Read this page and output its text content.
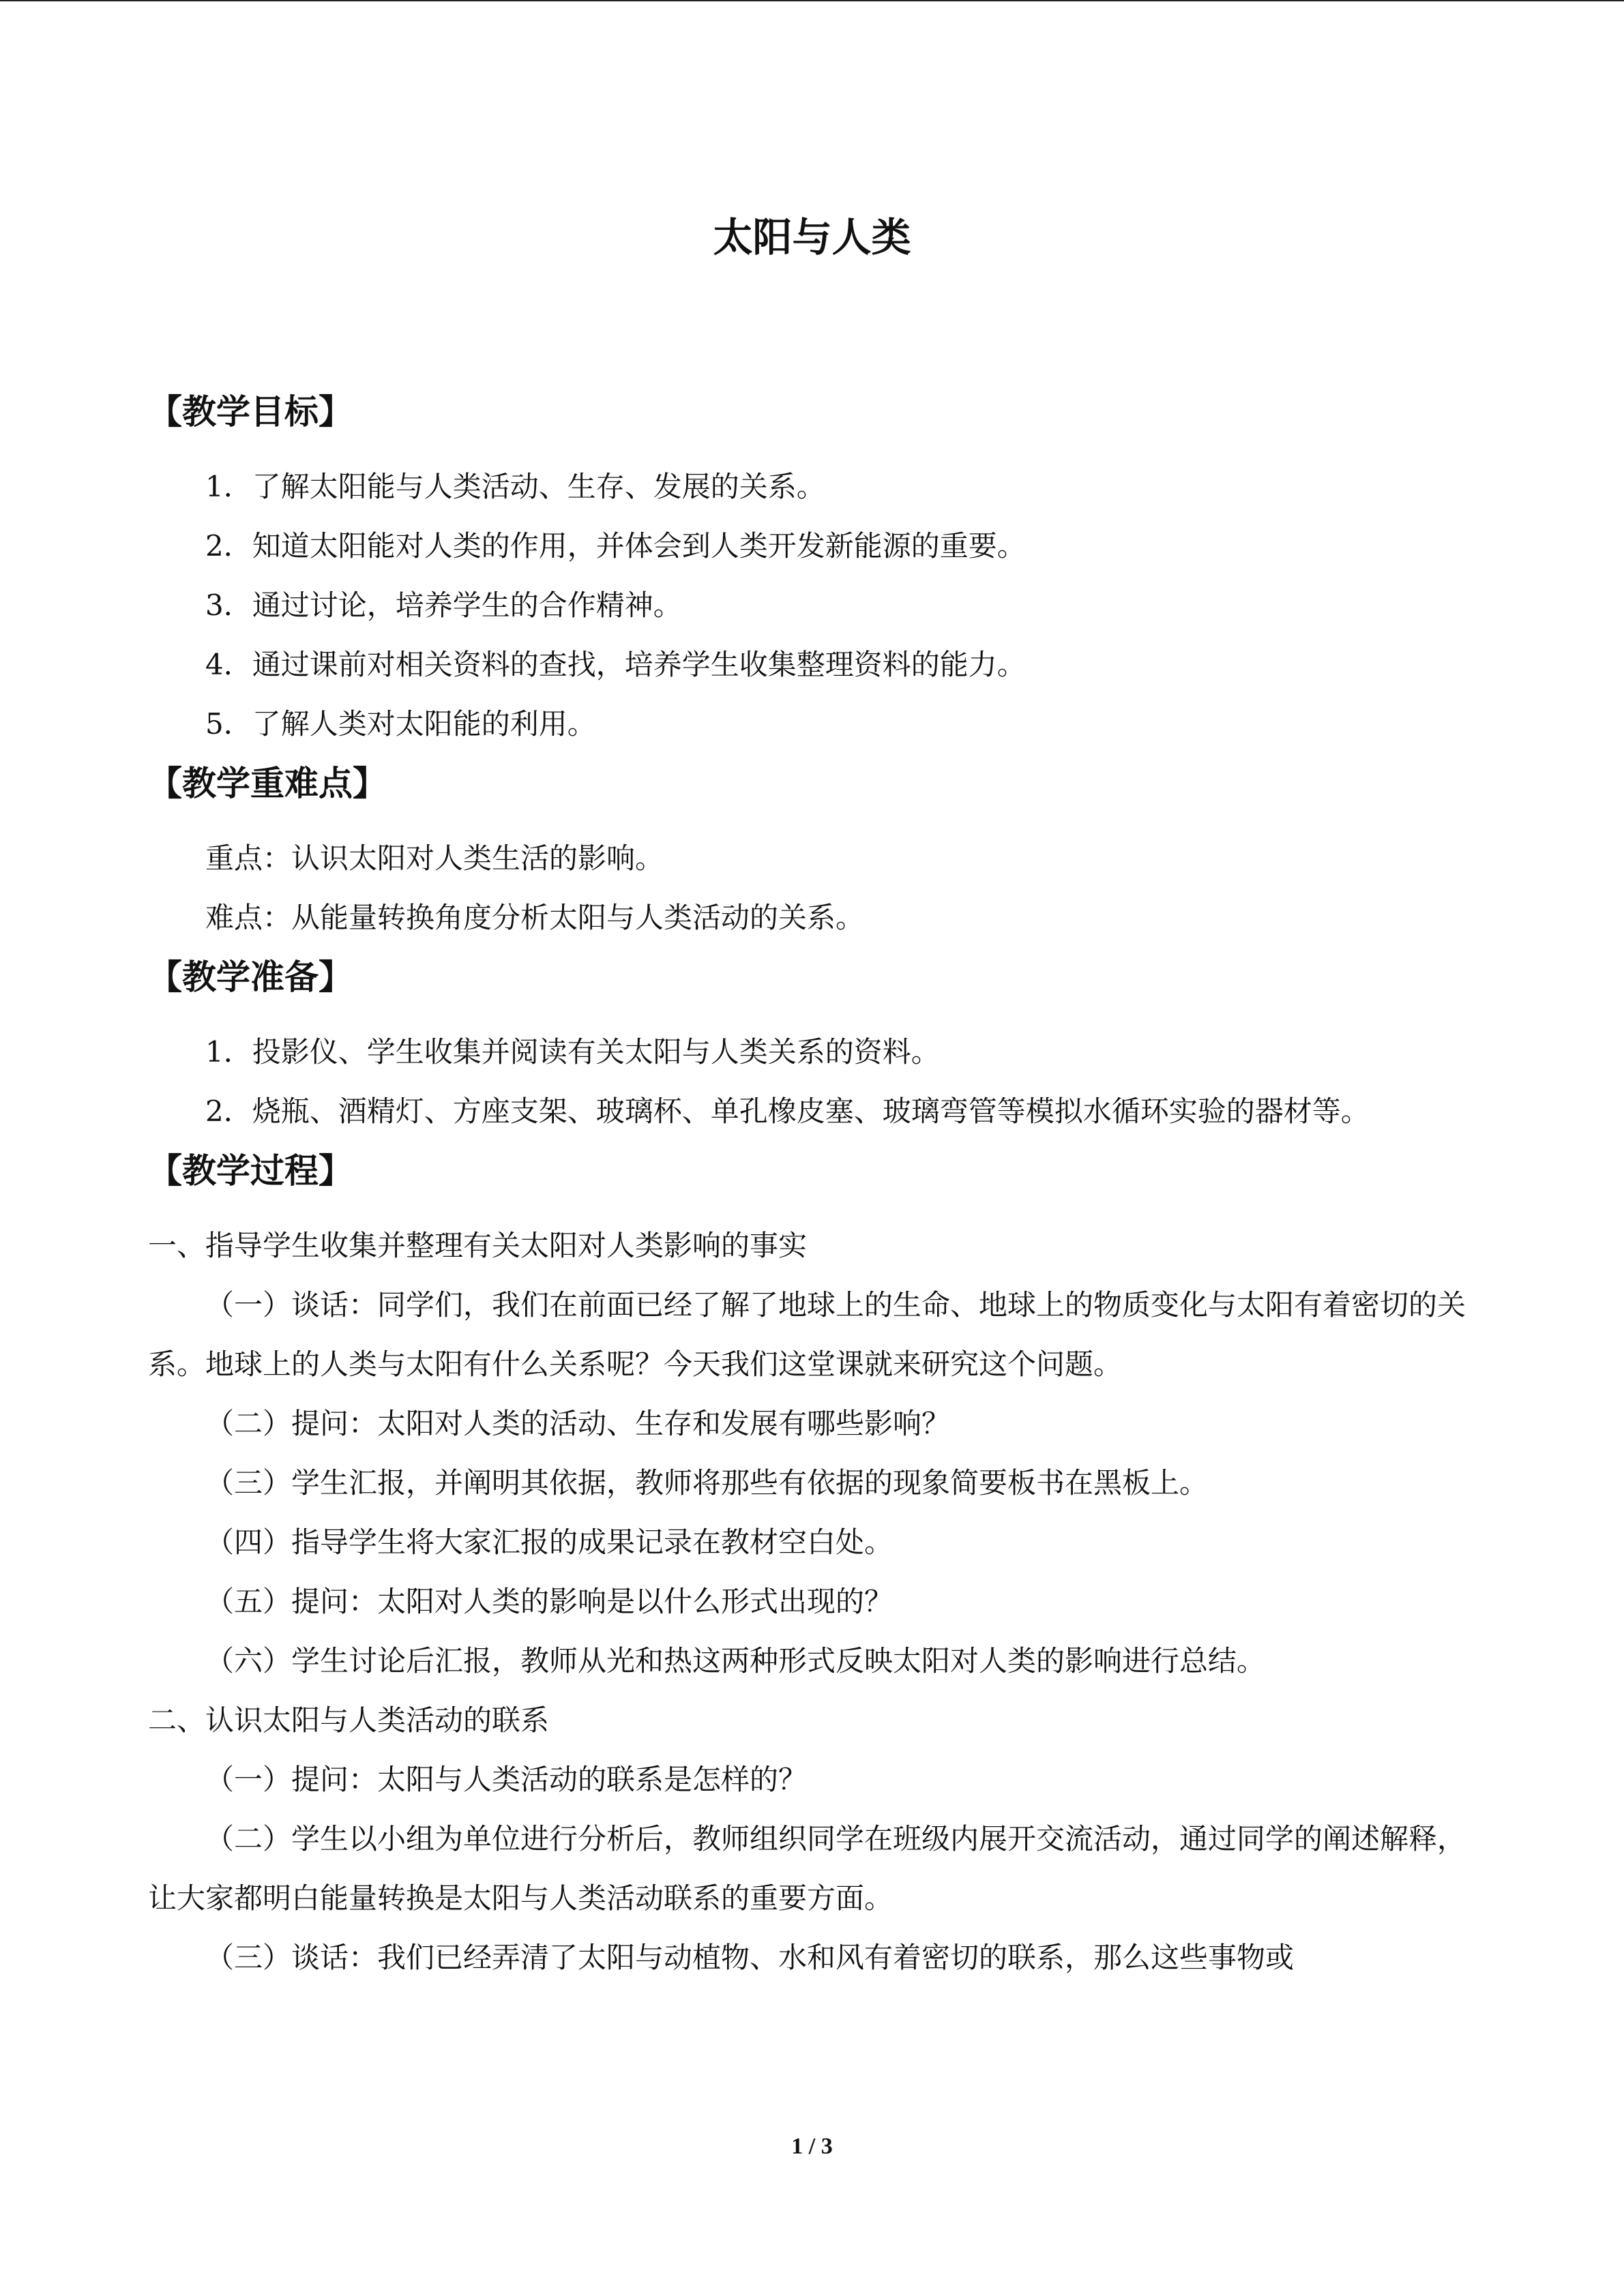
太阳与人类
【教学目标】

1．了解太阳能与人类活动、生存、发展的关系。

2．知道太阳能对人类的作用，并体会到人类开发新能源的重要。

3．通过讨论，培养学生的合作精神。

4．通过课前对相关资料的查找，培养学生收集整理资料的能力。

5．了解人类对太阳能的利用。

【教学重难点】

重点：认识太阳对人类生活的影响。

难点：从能量转换角度分析太阳与人类活动的关系。

【教学准备】

1．投影仪、学生收集并阅读有关太阳与人类关系的资料。

2．烧瓶、酒精灯、方座支架、玻璃杯、单孔橡皮塞、玻璃弯管等模拟水循环实验的器材等。

【教学过程】

一、指导学生收集并整理有关太阳对人类影响的事实

（一）谈话：同学们，我们在前面已经了解了地球上的生命、地球上的物质变化与太阳有着密切的关系。地球上的人类与太阳有什么关系呢？今天我们这堂课就来研究这个问题。

（二）提问：太阳对人类的活动、生存和发展有哪些影响？

（三）学生汇报，并阐明其依据，教师将那些有依据的现象简要板书在黑板上。

（四）指导学生将大家汇报的成果记录在教材空白处。

（五）提问：太阳对人类的影响是以什么形式出现的？

（六）学生讨论后汇报，教师从光和热这两种形式反映太阳对人类的影响进行总结。

二、认识太阳与人类活动的联系

（一）提问：太阳与人类活动的联系是怎样的？

（二）学生以小组为单位进行分析后，教师组织同学在班级内展开交流活动，通过同学的阐述解释，让大家都明白能量转换是太阳与人类活动联系的重要方面。

（三）谈话：我们已经弄清了太阳与动植物、水和风有着密切的联系，那么这些事物或

1 / 3
